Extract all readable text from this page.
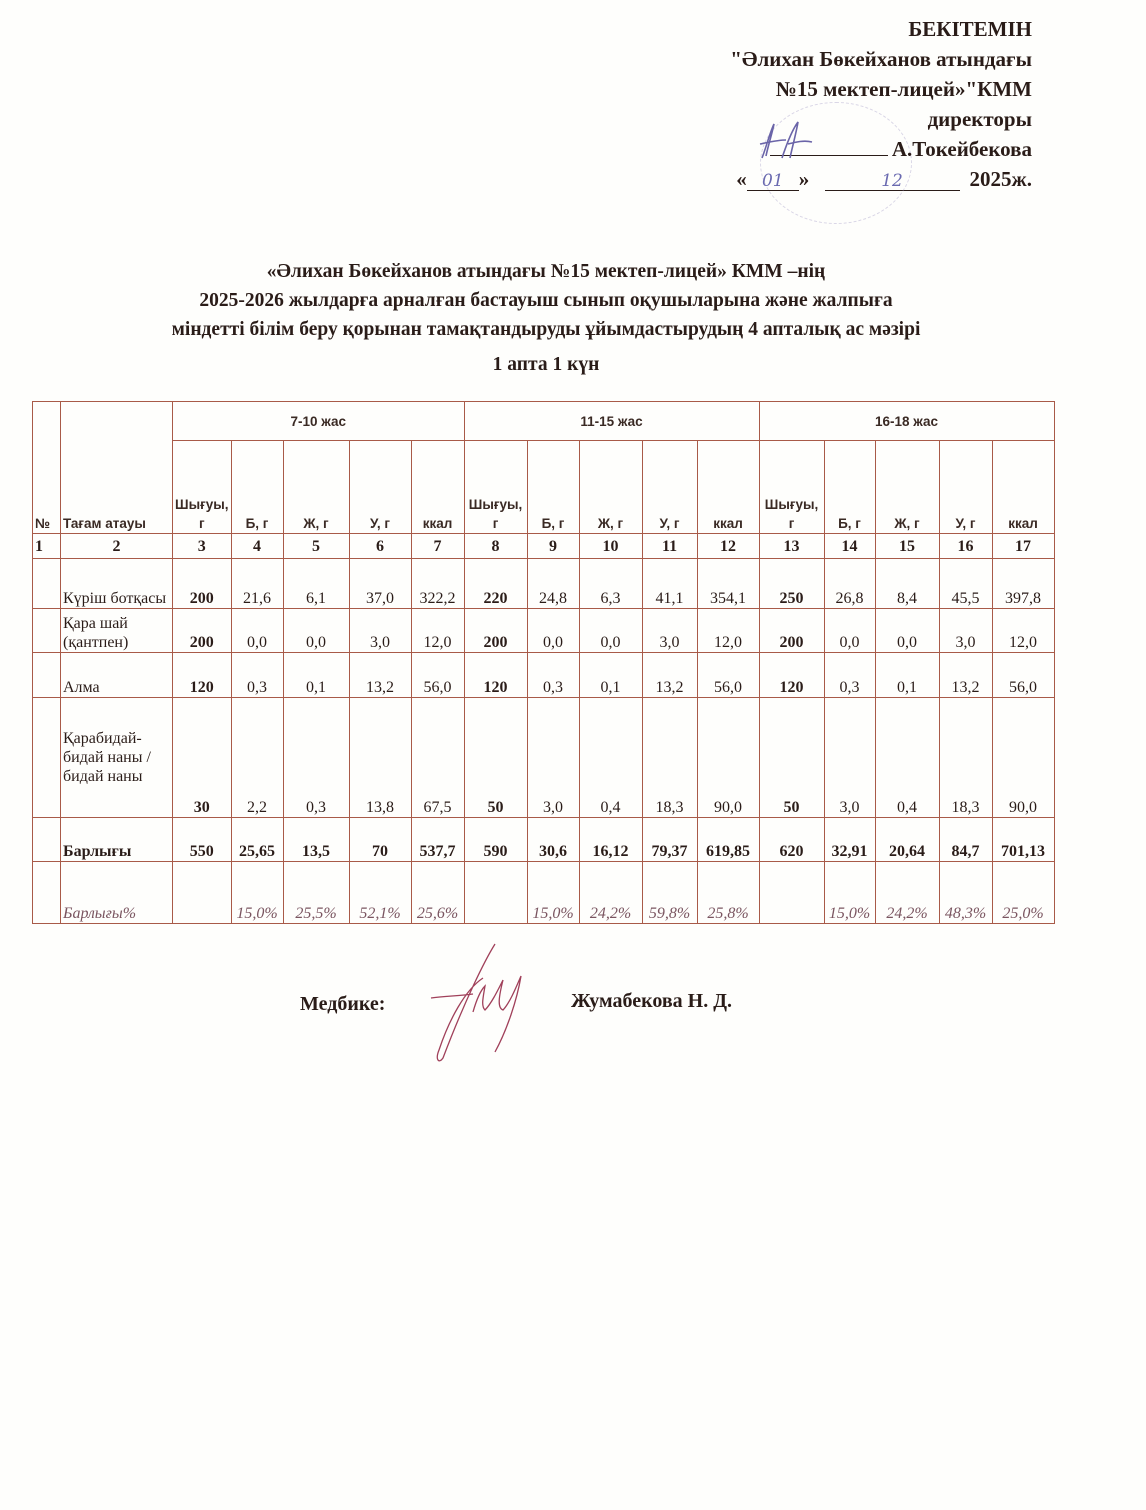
БЕКІТЕМІН
"Әлихан Бөкейханов атындағы
№15 мектеп-лицей»"КММ
директоры
А.Токейбекова
« 01 »	12	2025ж.
«Әлихан Бөкейханов атындағы №15 мектеп-лицей» КММ –нің
2025-2026 жылдарға арналған бастауыш сынып оқушыларына және жалпыға
міндетті білім беру қорынан тамақтандыруды ұйымдастырудың 4 апталық ас мәзірі
1 апта 1 күн
№	Тағам атауы	7-10 жас					11-15 жас					16-18 жас				
		Шығуы, г	Б, г	Ж, г	У, г	ккал	Шығуы, г	Б, г	Ж, г	У, г	ккал	Шығуы, г	Б, г	Ж, г	У, г	ккал
1	2	3	4	5	6	7	8	9	10	11	12	13	14	15	16	17
	Күріш ботқасы	200	21,6	6,1	37,0	322,2	220	24,8	6,3	41,1	354,1	250	26,8	8,4	45,5	397,8
	Қара шай (қантпен)	200	0,0	0,0	3,0	12,0	200	0,0	0,0	3,0	12,0	200	0,0	0,0	3,0	12,0
	Алма	120	0,3	0,1	13,2	56,0	120	0,3	0,1	13,2	56,0	120	0,3	0,1	13,2	56,0
	Қарабидай-бидай наны / бидай наны	30	2,2	0,3	13,8	67,5	50	3,0	0,4	18,3	90,0	50	3,0	0,4	18,3	90,0
	Барлығы	550	25,65	13,5	70	537,7	590	30,6	16,12	79,37	619,85	620	32,91	20,64	84,7	701,13
	Барлығы%		15,0%	25,5%	52,1%	25,6%		15,0%	24,2%	59,8%	25,8%		15,0%	24,2%	48,3%	25,0%
Медбике:	Жумабекова Н. Д.
